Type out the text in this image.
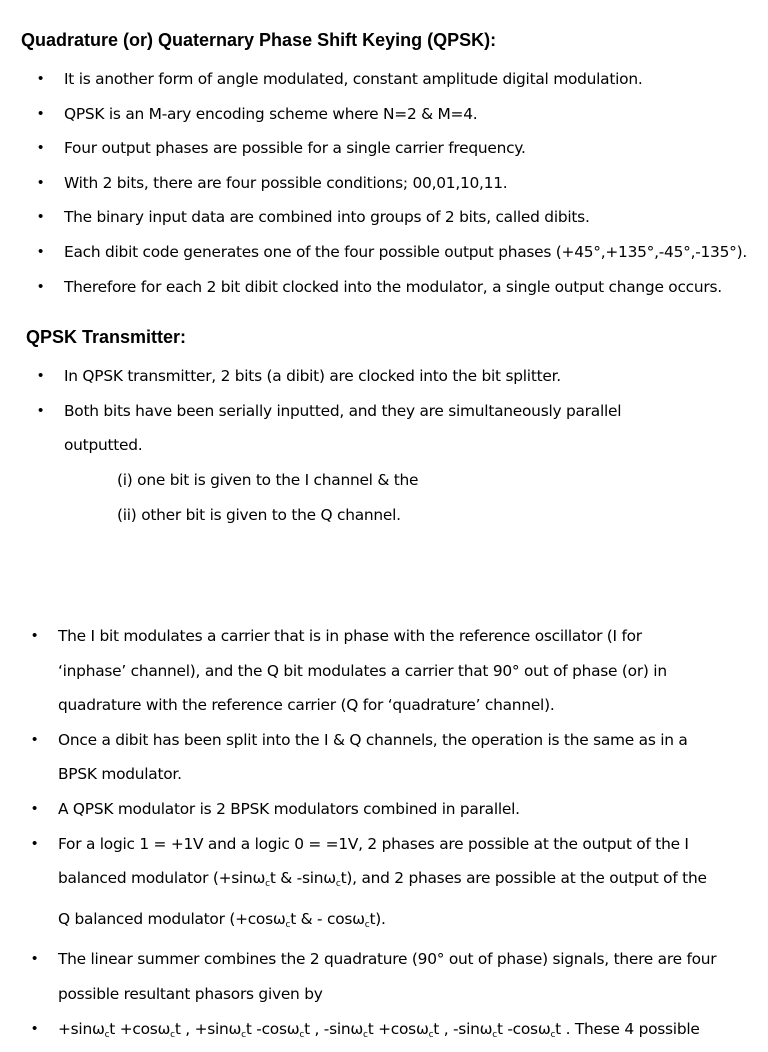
Quadrature (or) Quaternary Phase Shift Keying (QPSK):
• It is another form of angle modulated, constant amplitude digital modulation.
• QPSK is an M-ary encoding scheme where N=2 & M=4.
• Four output phases are possible for a single carrier frequency.
• With 2 bits, there are four possible conditions; 00,01,10,11.
• The binary input data are combined into groups of 2 bits, called dibits.
• Each dibit code generates one of the four possible output phases (+45°,+135°,-45°,-135°).
• Therefore for each 2 bit dibit clocked into the modulator, a single output change occurs.
QPSK Transmitter:
• In QPSK transmitter, 2 bits (a dibit) are clocked into the bit splitter.
• Both bits have been serially inputted, and they are simultaneously parallel
outputted.
(i) one bit is given to the I channel & the
(ii) other bit is given to the Q channel.
• The I bit modulates a carrier that is in phase with the reference oscillator (I for
‘inphase’ channel), and the Q bit modulates a carrier that 90° out of phase (or) in
quadrature with the reference carrier (Q for ‘quadrature’ channel).
• Once a dibit has been split into the I & Q channels, the operation is the same as in a
BPSK modulator.
• A QPSK modulator is 2 BPSK modulators combined in parallel.
• For a logic 1 = +1V and a logic 0 = =1V, 2 phases are possible at the output of the I
balanced modulator (+sinω$_c$t & -sinω$_c$t), and 2 phases are possible at the output of the
Q balanced modulator (+cosω$_c$t & - cosω$_c$t).
• The linear summer combines the 2 quadrature (90° out of phase) signals, there are four
possible resultant phasors given by
• +sinω$_c$t +cosω$_c$t , +sinω$_c$t -cosω$_c$t , -sinω$_c$t +cosω$_c$t , -sinω$_c$t -cosω$_c$t . These 4 possible
